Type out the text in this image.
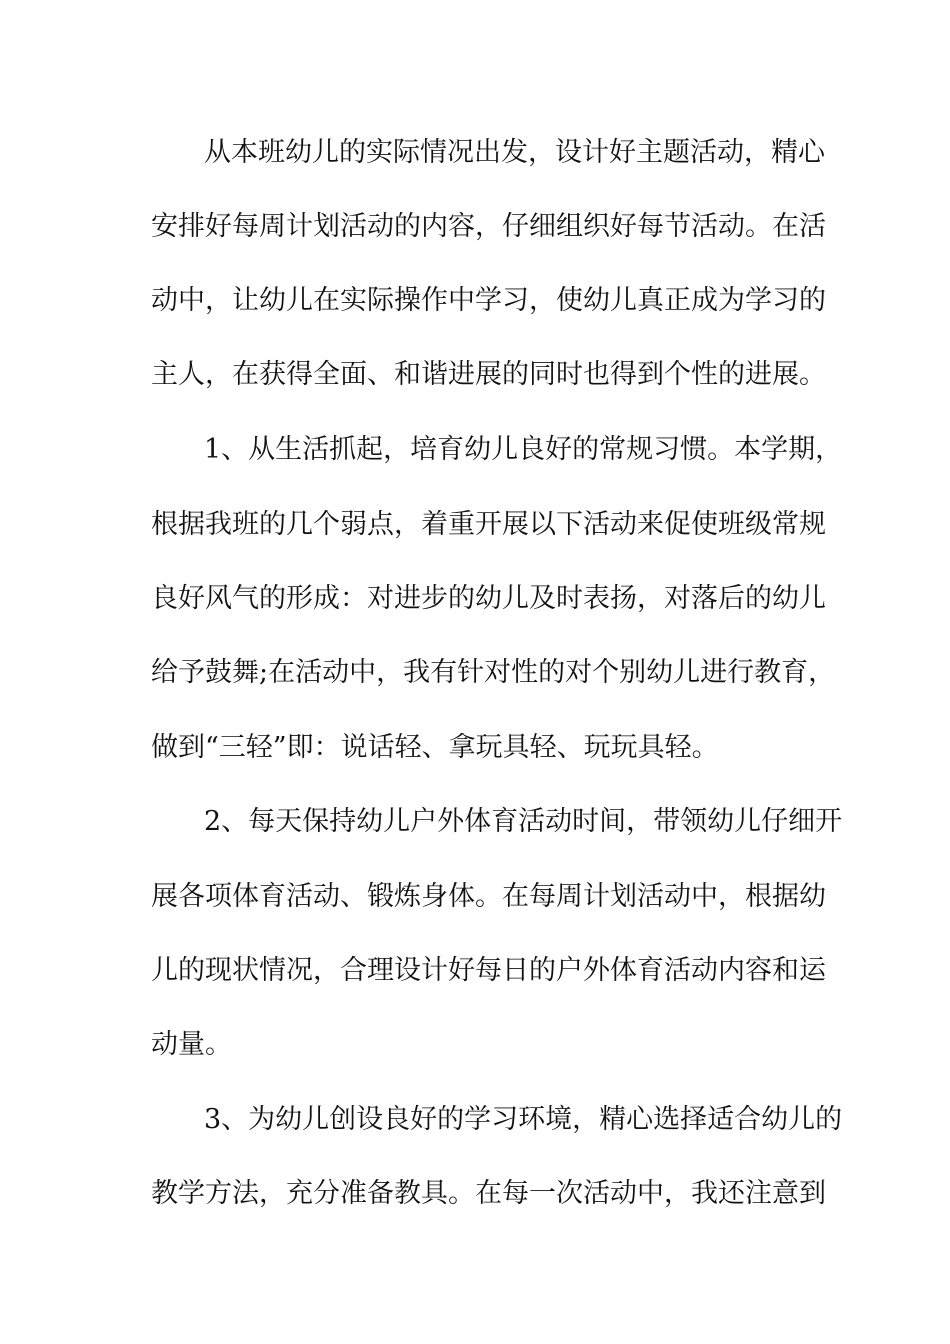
从本班幼儿的实际情况出发，设计好主题活动，精心
安排好每周计划活动的内容，仔细组织好每节活动。在活
动中，让幼儿在实际操作中学习，使幼儿真正成为学习的
主人，在获得全面、和谐进展的同时也得到个性的进展。
1、从生活抓起，培育幼儿良好的常规习惯。本学期，
根据我班的几个弱点，着重开展以下活动来促使班级常规
良好风气的形成：对进步的幼儿及时表扬，对落后的幼儿
给予鼓舞;在活动中，我有针对性的对个别幼儿进行教育，
做到“三轻”即：说话轻、拿玩具轻、玩玩具轻。
2、每天保持幼儿户外体育活动时间，带领幼儿仔细开
展各项体育活动、锻炼身体。在每周计划活动中，根据幼
儿的现状情况，合理设计好每日的户外体育活动内容和运
动量。
3、为幼儿创设良好的学习环境，精心选择适合幼儿的
教学方法，充分准备教具。在每一次活动中，我还注意到
